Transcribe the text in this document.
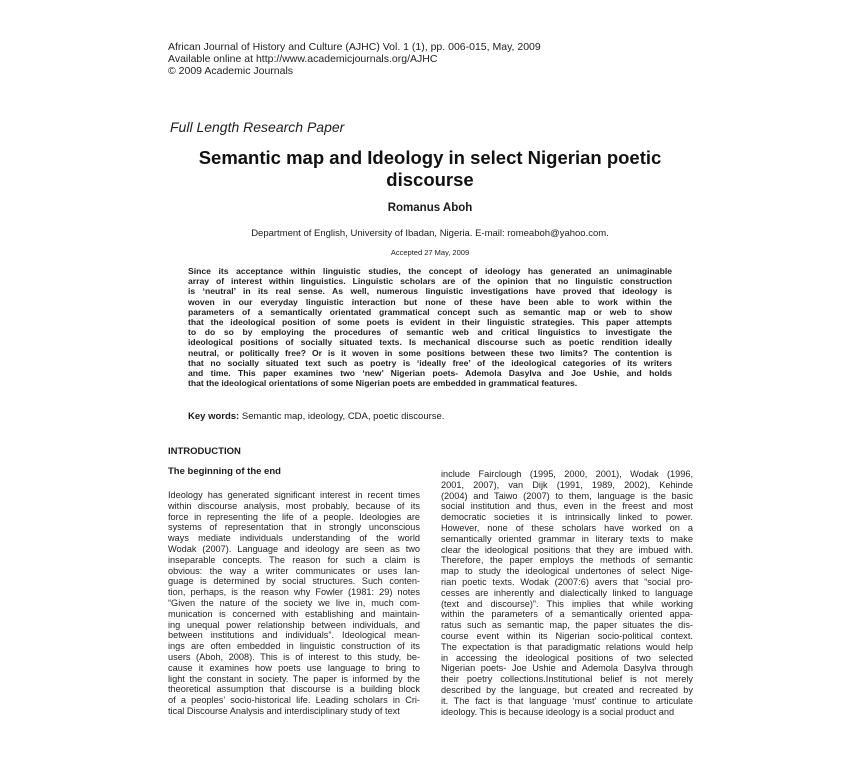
African Journal of History and Culture (AJHC) Vol. 1 (1), pp. 006-015, May, 2009
Available online at http://www.academicjournals.org/AJHC
© 2009 Academic Journals
Full Length Research Paper
Semantic map and Ideology in select Nigerian poetic
discourse
Romanus Aboh
Department of English, University of Ibadan, Nigeria. E-mail: romeaboh@yahoo.com.
Accepted 27 May, 2009
Since its acceptance within linguistic studies, the concept of ideology has generated an unimaginable
array of interest within linguistics. Linguistic scholars are of the opinion that no linguistic construction
is ‘neutral’ in its real sense. As well, numerous linguistic investigations have proved that ideology is
woven in our everyday linguistic interaction but none of these have been able to work within the
parameters of a semantically orientated grammatical concept such as semantic map or web to show
that the ideological position of some poets is evident in their linguistic strategies. This paper attempts
to do so by employing the procedures of semantic web and critical linguistics to investigate the
ideological positions of socially situated texts. Is mechanical discourse such as poetic rendition ideally
neutral, or politically free? Or is it woven in some positions between these two limits? The contention is
that no socially situated text such as poetry is ‘ideally free’ of the ideological categories of its writers
and time. This paper examines two ‘new’ Nigerian poets- Ademola Dasylva and Joe Ushie, and holds
that the ideological orientations of some Nigerian poets are embedded in grammatical features.
Key words: Semantic map, ideology, CDA, poetic discourse.
INTRODUCTION
The beginning of the end
Ideology has generated significant interest in recent times
within discourse analysis, most probably, because of its
force in representing the life of a people. Ideologies are
systems of representation that in strongly unconscious
ways mediate individuals understanding of the world
Wodak (2007). Language and ideology are seen as two
inseparable concepts. The reason for such a claim is
obvious: the way a writer communicates or uses lan-
guage is determined by social structures. Such conten-
tion, perhaps, is the reason why Fowler (1981: 29) notes
“Given the nature of the society we live in, much com-
munication is concerned with establishing and maintain-
ing unequal power relationship between individuals, and
between institutions and individuals”. Ideological mean-
ings are often embedded in linguistic construction of its
users (Aboh, 2008). This is of interest to this study, be-
cause it examines how poets use language to bring to
light the constant in society. The paper is informed by the
theoretical assumption that discourse is a building block
of a peoples’ socio-historical life. Leading scholars in Cri-
tical Discourse Analysis and interdisciplinary study of text
include Fairclough (1995, 2000, 2001), Wodak (1996,
2001, 2007), van Dijk (1991, 1989, 2002), Kehinde
(2004) and Taiwo (2007) to them, language is the basic
social institution and thus, even in the freest and most
democratic societies it is intrinsically linked to power.
However, none of these scholars have worked on a
semantically oriented grammar in literary texts to make
clear the ideological positions that they are imbued with.
Therefore, the paper employs the methods of semantic
map to study the ideological undertones of select Nige-
rian poetic texts. Wodak (2007:6) avers that “social pro-
cesses are inherently and dialectically linked to language
(text and discourse)”. This implies that while working
within the parameters of a semantically oriented appa-
ratus such as semantic map, the paper situates the dis-
course event within its Nigerian socio-political context.
The expectation is that paradigmatic relations would help
in accessing the ideological positions of two selected
Nigerian poets- Joe Ushie and Ademola Dasylva through
their poetry collections.Institutional belief is not merely
described by the language, but created and recreated by
it. The fact is that language ‘must’ continue to articulate
ideology. This is because ideology is a social product and
